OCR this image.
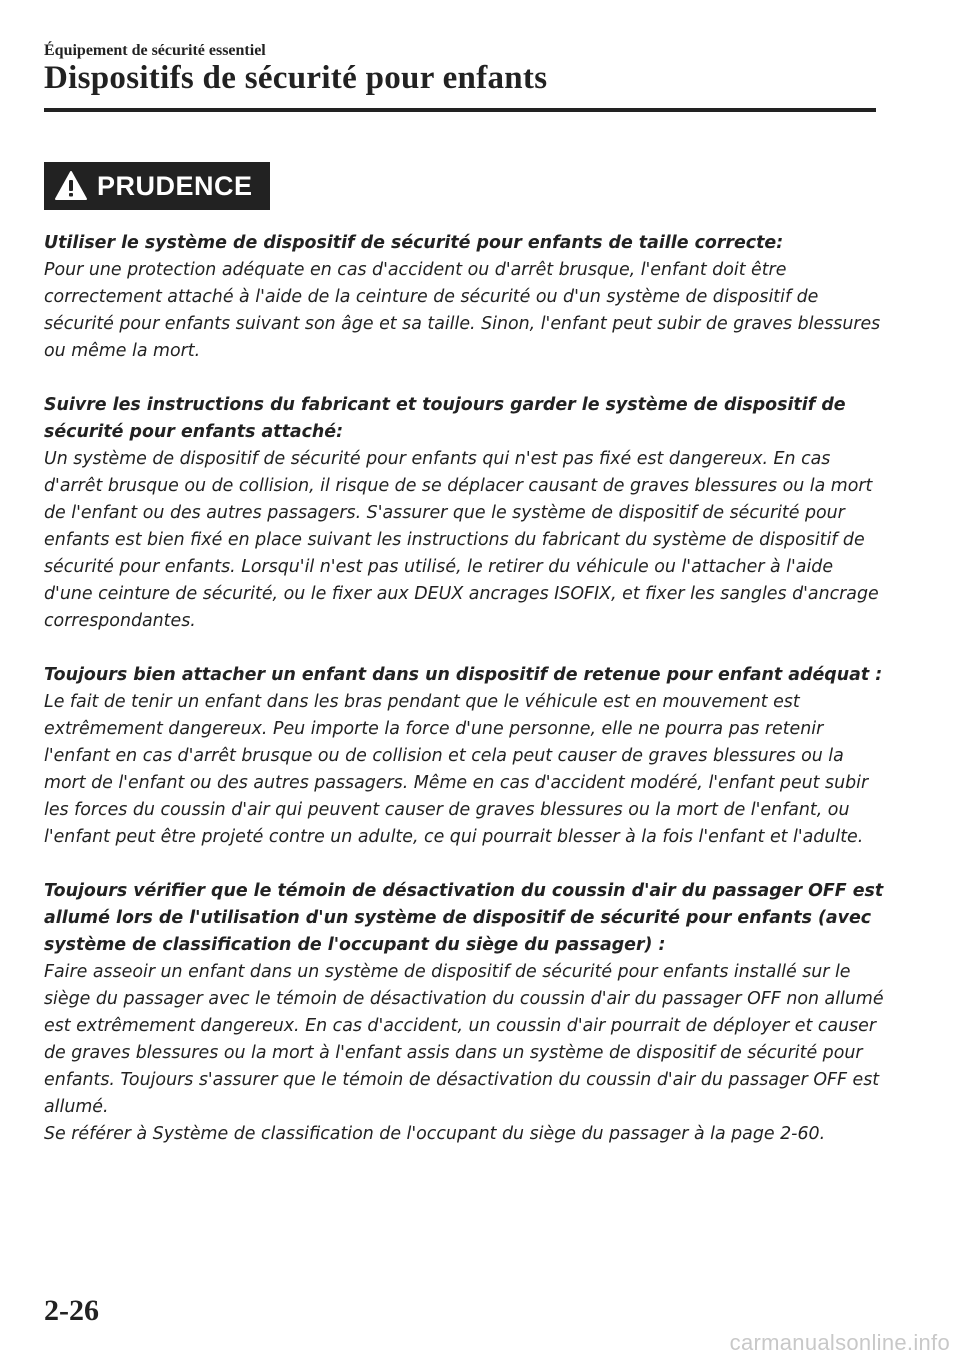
Équipement de sécurité essentiel
Dispositifs de sécurité pour enfants
PRUDENCE
Utiliser le système de dispositif de sécurité pour enfants de taille correcte:
Pour une protection adéquate en cas d'accident ou d'arrêt brusque, l'enfant doit être correctement attaché à l'aide de la ceinture de sécurité ou d'un système de dispositif de sécurité pour enfants suivant son âge et sa taille. Sinon, l'enfant peut subir de graves blessures ou même la mort.
Suivre les instructions du fabricant et toujours garder le système de dispositif de sécurité pour enfants attaché:
Un système de dispositif de sécurité pour enfants qui n'est pas fixé est dangereux. En cas d'arrêt brusque ou de collision, il risque de se déplacer causant de graves blessures ou la mort de l'enfant ou des autres passagers. S'assurer que le système de dispositif de sécurité pour enfants est bien fixé en place suivant les instructions du fabricant du système de dispositif de sécurité pour enfants. Lorsqu'il n'est pas utilisé, le retirer du véhicule ou l'attacher à l'aide d'une ceinture de sécurité, ou le fixer aux DEUX ancrages ISOFIX, et fixer les sangles d'ancrage correspondantes.
Toujours bien attacher un enfant dans un dispositif de retenue pour enfant adéquat :
Le fait de tenir un enfant dans les bras pendant que le véhicule est en mouvement est extrêmement dangereux. Peu importe la force d'une personne, elle ne pourra pas retenir l'enfant en cas d'arrêt brusque ou de collision et cela peut causer de graves blessures ou la mort de l'enfant ou des autres passagers. Même en cas d'accident modéré, l'enfant peut subir les forces du coussin d'air qui peuvent causer de graves blessures ou la mort de l'enfant, ou l'enfant peut être projeté contre un adulte, ce qui pourrait blesser à la fois l'enfant et l'adulte.
Toujours vérifier que le témoin de désactivation du coussin d'air du passager OFF est allumé lors de l'utilisation d'un système de dispositif de sécurité pour enfants (avec système de classification de l'occupant du siège du passager) :
Faire asseoir un enfant dans un système de dispositif de sécurité pour enfants installé sur le siège du passager avec le témoin de désactivation du coussin d'air du passager OFF non allumé est extrêmement dangereux. En cas d'accident, un coussin d'air pourrait de déployer et causer de graves blessures ou la mort à l'enfant assis dans un système de dispositif de sécurité pour enfants. Toujours s'assurer que le témoin de désactivation du coussin d'air du passager OFF est allumé.
Se référer à Système de classification de l'occupant du siège du passager à la page 2-60.
2-26
carmanualsonline.info
